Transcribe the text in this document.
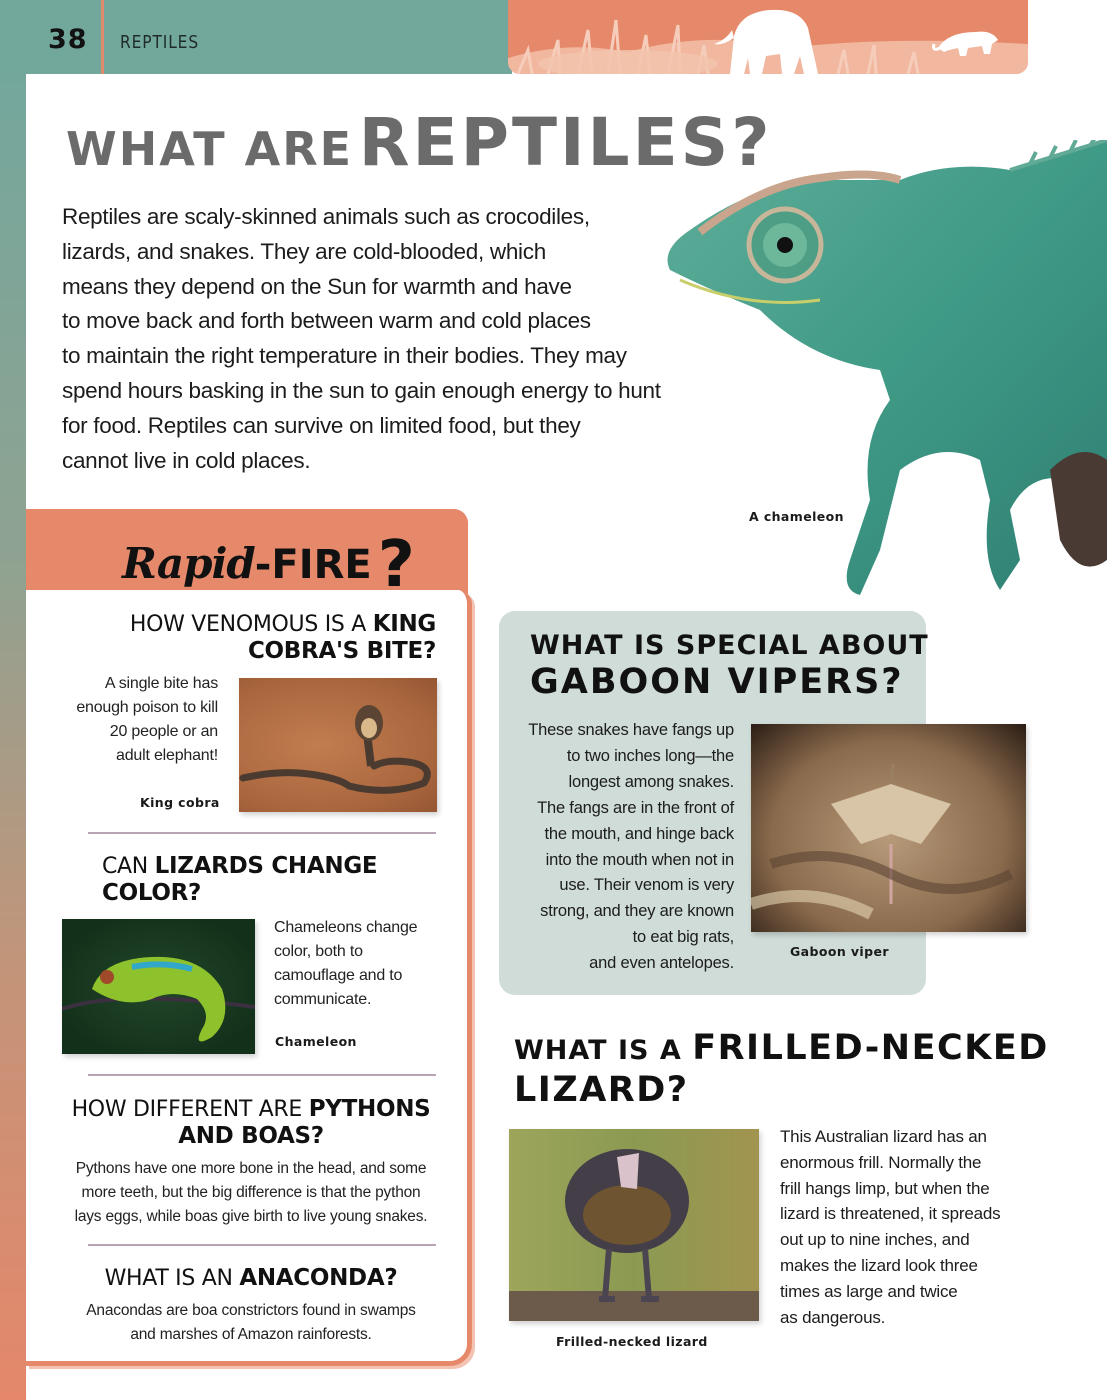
38 REPTILES
WHAT ARE REPTILES?
Reptiles are scaly-skinned animals such as crocodiles,
lizards, and snakes. They are cold-blooded, which
means they depend on the Sun for warmth and have
to move back and forth between warm and cold places
to maintain the right temperature in their bodies. They may
spend hours basking in the sun to gain enough energy to hunt
for food. Reptiles can survive on limited food, but they
cannot live in cold places.
A chameleon
Rapid-FIRE?
HOW VENOMOUS IS A KING
COBRA'S BITE?
A single bite has
enough poison to kill
20 people or an
adult elephant!
King cobra
CAN LIZARDS CHANGE
COLOR?
Chameleons change
color, both to
camouflage and to
communicate.
Chameleon
HOW DIFFERENT ARE PYTHONS
AND BOAS?
Pythons have one more bone in the head, and some
more teeth, but the big difference is that the python
lays eggs, while boas give birth to live young snakes.
WHAT IS AN ANACONDA?
Anacondas are boa constrictors found in swamps
and marshes of Amazon rainforests.
WHAT IS SPECIAL ABOUT
GABOON VIPERS?
These snakes have fangs up
to two inches long—the
longest among snakes.
The fangs are in the front of
the mouth, and hinge back
into the mouth when not in
use. Their venom is very
strong, and they are known
to eat big rats,
and even antelopes.
Gaboon viper
WHAT IS A FRILLED-NECKED
LIZARD?
Frilled-necked lizard
This Australian lizard has an
enormous frill. Normally the
frill hangs limp, but when the
lizard is threatened, it spreads
out up to nine inches, and
makes the lizard look three
times as large and twice
as dangerous.
